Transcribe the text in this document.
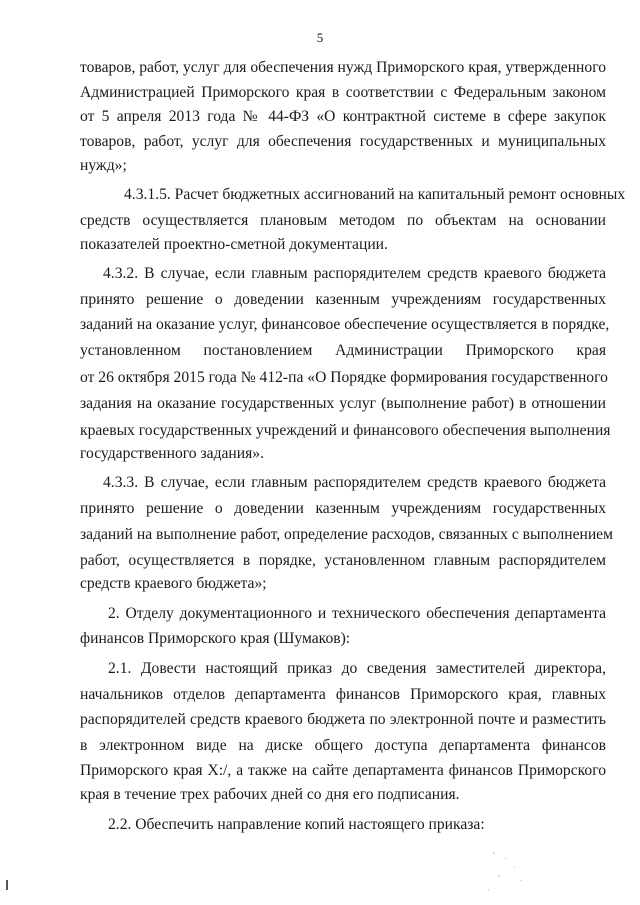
5
товаров, работ, услуг для обеспечения нужд Приморского края, утвержденного
Администрацией Приморского края в соответствии с Федеральным законом
от 5 апреля 2013 года № 44-ФЗ «О контрактной системе в сфере закупок
товаров, работ, услуг для обеспечения государственных и муниципальных
нужд»;
4.3.1.5. Расчет бюджетных ассигнований на капитальный ремонт основных
средств осуществляется плановым методом по объектам на основании
показателей проектно-сметной документации.
4.3.2. В случае, если главным распорядителем средств краевого бюджета
принято решение о доведении казенным учреждениям государственных
заданий на оказание услуг, финансовое обеспечение осуществляется в порядке,
установленном постановлением Администрации Приморского края
от 26 октября 2015 года № 412-па «О Порядке формирования государственного
задания на оказание государственных услуг (выполнение работ) в отношении
краевых государственных учреждений и финансового обеспечения выполнения
государственного задания».
4.3.3. В случае, если главным распорядителем средств краевого бюджета
принято решение о доведении казенным учреждениям государственных
заданий на выполнение работ, определение расходов, связанных с выполнением
работ, осуществляется в порядке, установленном главным распорядителем
средств краевого бюджета»;
2. Отделу документационного и технического обеспечения департамента
финансов Приморского края (Шумаков):
2.1. Довести настоящий приказ до сведения заместителей директора,
начальников отделов департамента финансов Приморского края, главных
распорядителей средств краевого бюджета по электронной почте и разместить
в электронном виде на диске общего доступа департамента финансов
Приморского края X:/, а также на сайте департамента финансов Приморского
края в течение трех рабочих дней со дня его подписания.
2.2. Обеспечить направление копий настоящего приказа:
